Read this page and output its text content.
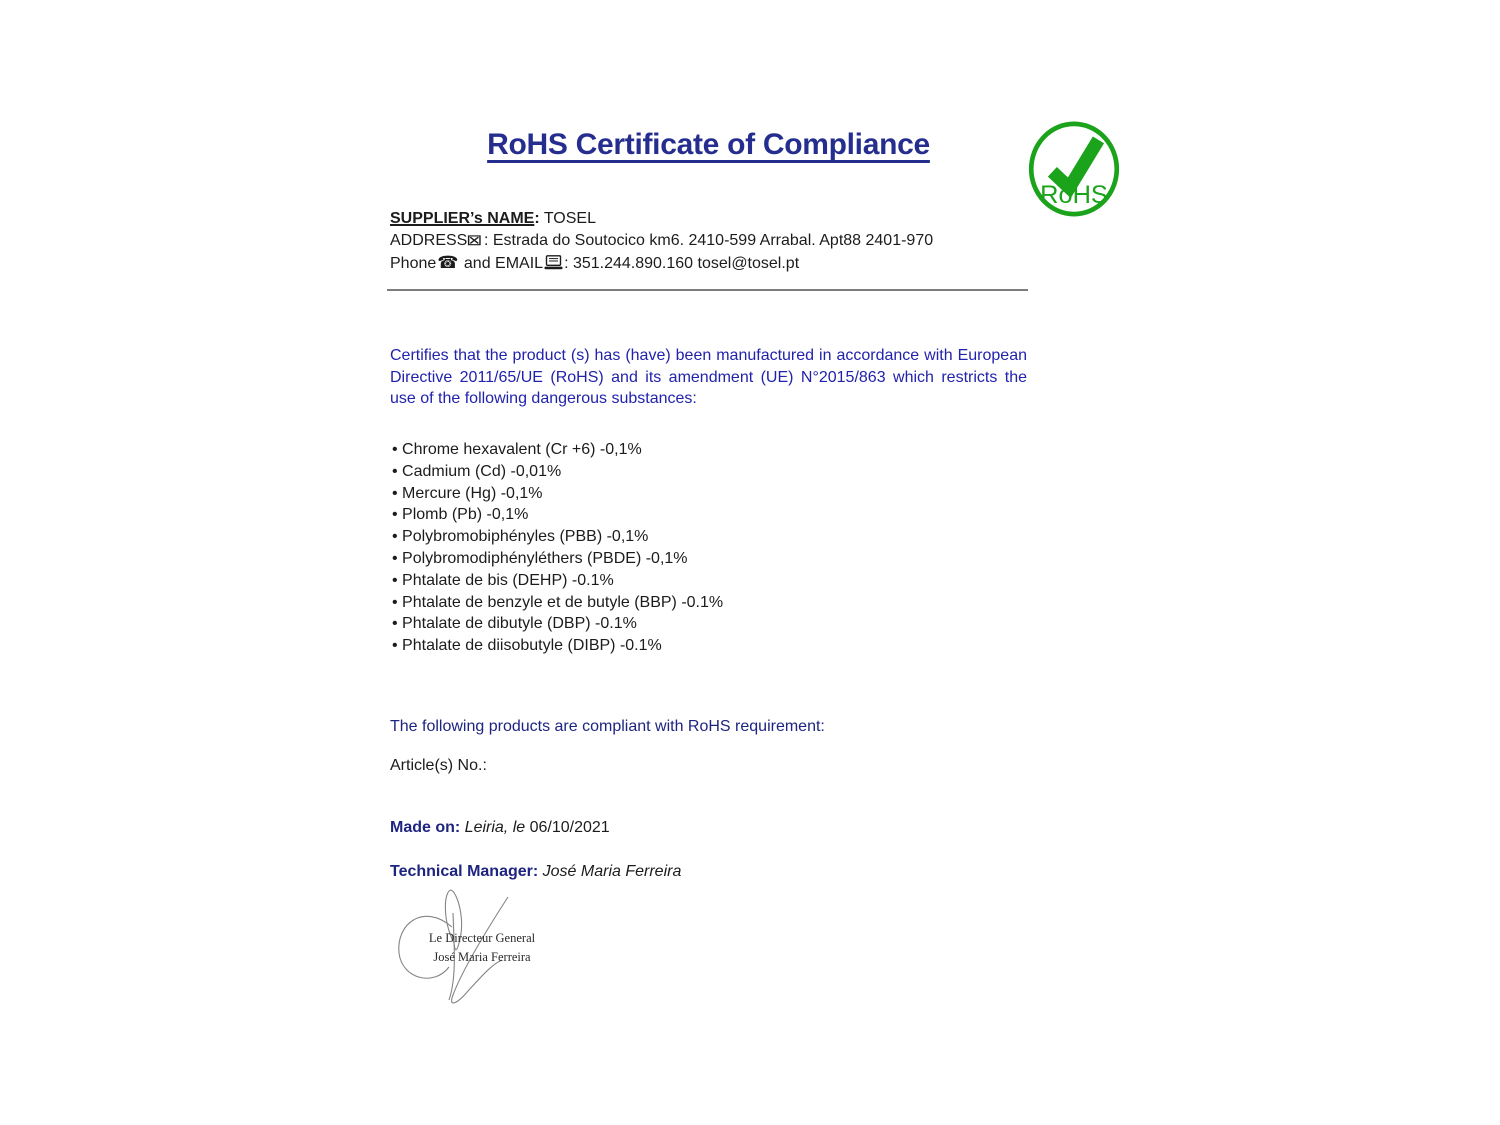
RoHS Certificate of Compliance
RoHS
SUPPLIER’s NAME: TOSEL
ADDRESS⊠: Estrada do Soutocico km6. 2410-599 Arrabal. Apt88 2401-970
Phone☎ and EMAIL : 351.244.890.160 tosel@tosel.pt

Certifies that the product (s) has (have) been manufactured in accordance with European Directive 2011/65/UE (RoHS) and its amendment (UE) N°2015/863 which restricts the use of the following dangerous substances:

• Chrome hexavalent (Cr +6) -0,1%
• Cadmium (Cd) -0,01%
• Mercure (Hg) -0,1%
• Plomb (Pb) -0,1%
• Polybromobiphényles (PBB) -0,1%
• Polybromodiphényléthers (PBDE) -0,1%
• Phtalate de bis (DEHP) -0.1%
• Phtalate de benzyle et de butyle (BBP) -0.1%
• Phtalate de dibutyle (DBP) -0.1%
• Phtalate de diisobutyle (DIBP) -0.1%
The following products are compliant with RoHS requirement:
Article(s) No.:
Made on: Leiria, le 06/10/2021
Technical Manager: José Maria Ferreira
Le Directeur General
José Maria Ferreira
